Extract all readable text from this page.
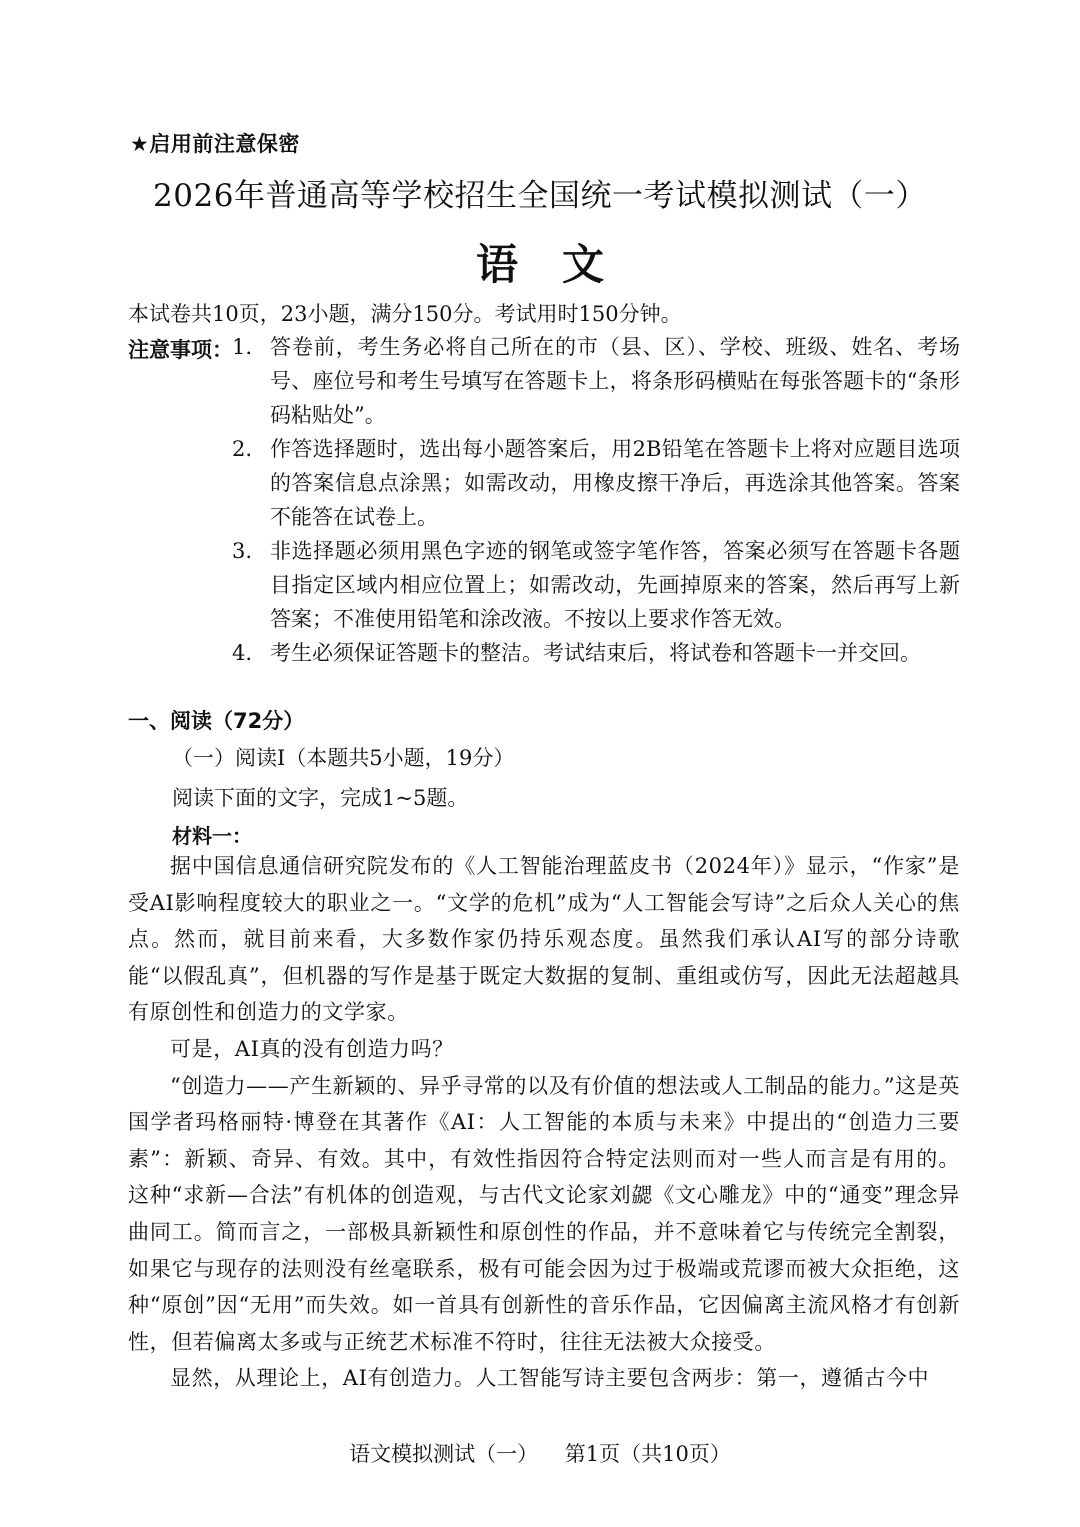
★启用前注意保密
2026年普通高等学校招生全国统一考试模拟测试（一）
语文
本试卷共10页，23小题，满分150分。考试用时150分钟。
注意事项： 1. 答卷前，考生务必将自己所在的市（县、区）、学校、班级、姓名、考场号、座位号和考生号填写在答题卡上，将条形码横贴在每张答题卡的“条形码粘贴处”。
2. 作答选择题时，选出每小题答案后，用2B铅笔在答题卡上将对应题目选项的答案信息点涂黑；如需改动，用橡皮擦干净后，再选涂其他答案。答案不能答在试卷上。
3. 非选择题必须用黑色字迹的钢笔或签字笔作答，答案必须写在答题卡各题目指定区域内相应位置上；如需改动，先画掉原来的答案，然后再写上新答案；不准使用铅笔和涂改液。不按以上要求作答无效。
4. 考生必须保证答题卡的整洁。考试结束后，将试卷和答题卡一并交回。
一、阅读（72分）
（一）阅读Ⅰ（本题共5小题，19分）
阅读下面的文字，完成1~5题。
材料一：

据中国信息通信研究院发布的《人工智能治理蓝皮书（2024年）》显示，“作家”是受AI影响程度较大的职业之一。“文学的危机”成为“人工智能会写诗”之后众人关心的焦点。然而，就目前来看，大多数作家仍持乐观态度。虽然我们承认AI写的部分诗歌能“以假乱真”，但机器的写作是基于既定大数据的复制、重组或仿写，因此无法超越具有原创性和创造力的文学家。

可是，AI真的没有创造力吗？

“创造力——产生新颖的、异乎寻常的以及有价值的想法或人工制品的能力。”这是英国学者玛格丽特·博登在其著作《AI：人工智能的本质与未来》中提出的“创造力三要素”：新颖、奇异、有效。其中，有效性指因符合特定法则而对一些人而言是有用的。这种“求新—合法”有机体的创造观，与古代文论家刘勰《文心雕龙》中的“通变”理念异曲同工。简而言之，一部极具新颖性和原创性的作品，并不意味着它与传统完全割裂，如果它与现存的法则没有丝毫联系，极有可能会因为过于极端或荒谬而被大众拒绝，这种“原创”因“无用”而失效。如一首具有创新性的音乐作品，它因偏离主流风格才有创新性，但若偏离太多或与正统艺术标准不符时，往往无法被大众接受。

显然，从理论上，AI有创造力。人工智能写诗主要包含两步：第一，遵循古今中

语文模拟测试（一）    第1页（共10页）
